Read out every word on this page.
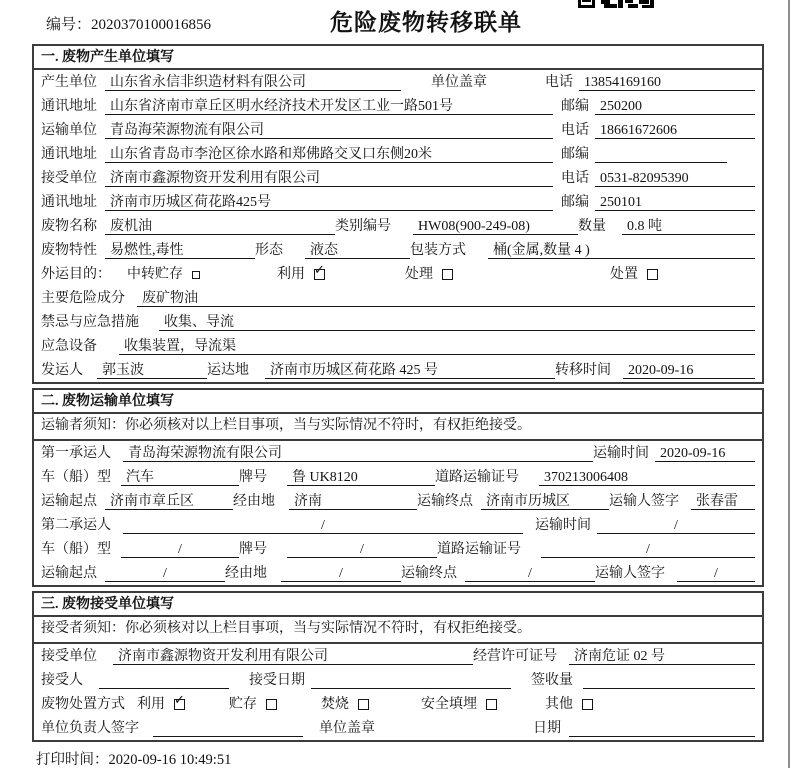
编号：2020370100016856	危险废物转移联单
一. 废物产生单位填写
产生单位 山东省永信非织造材料有限公司	单位盖章	电话 13854169160
通讯地址 山东省济南市章丘区明水经济技术开发区工业一路501号	邮编 250200
运输单位 青岛海荣源物流有限公司	电话 18661672606
通讯地址 山东省青岛市李沧区徐水路和郑佛路交叉口东侧20米	邮编
接受单位 济南市鑫源物资开发利用有限公司	电话 0531-82095390
通讯地址 济南市历城区荷花路425号	邮编 250101
废物名称 废机油	类别编号	HW08(900-249-08)	数量	0.8 吨
废物特性 易燃性,毒性	形态	液态	包装方式	桶(金属,数量 4 )
外运目的：	中转贮存	利用 ✓	处理	处置
主要危险成分	废矿物油
禁忌与应急措施	收集、导流
应急设备	收集装置，导流渠
发运人	郭玉波	运达地	济南市历城区荷花路 425 号	转移时间	2020-09-16
二. 废物运输单位填写
运输者须知：你必须核对以上栏目事项，当与实际情况不符时，有权拒绝接受。
第一承运人	青岛海荣源物流有限公司	运输时间 2020-09-16
车（船）型	汽车	牌号	鲁 UK8120	道路运输证号	370213006408
运输起点 济南市章丘区	经由地	济南	运输终点 济南市历城区	运输人签字	张春雷
第二承运人	/	运输时间	/
车（船）型	/	牌号	/	道路运输证号	/
运输起点	/	经由地	/	运输终点	/	运输人签字	/
三. 废物接受单位填写
接受者须知：你必须核对以上栏目事项，当与实际情况不符时，有权拒绝接受。
接受单位	济南市鑫源物资开发利用有限公司	经营许可证号	济南危证 02 号
接受人	接受日期	签收量
废物处置方式 利用 ✓	贮存	焚烧	安全填埋	其他
单位负责人签字	单位盖章	日期
打印时间：2020-09-16 10:49:51
